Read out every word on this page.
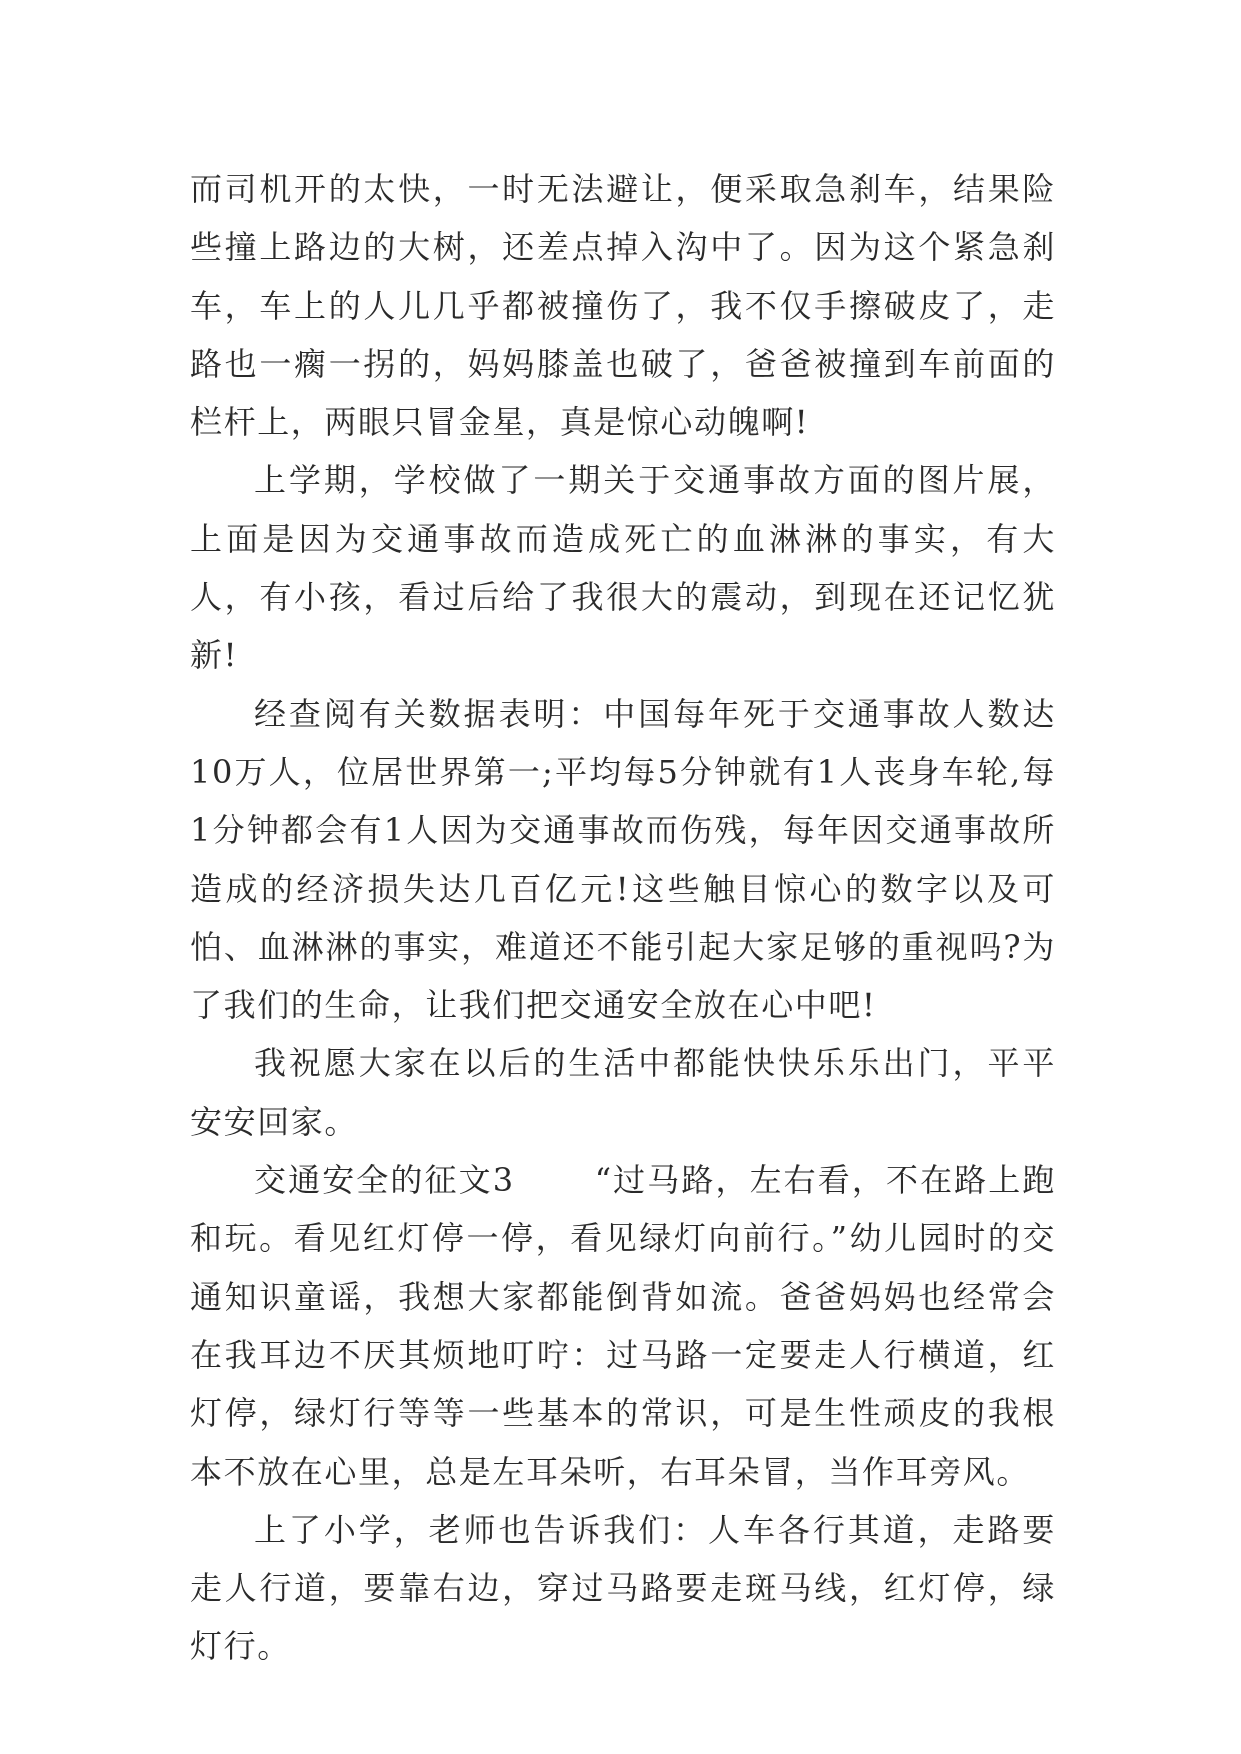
而司机开的太快，一时无法避让，便采取急刹车，结果险些撞上路边的大树，还差点掉入沟中了。因为这个紧急刹车，车上的人儿几乎都被撞伤了，我不仅手擦破皮了，走路也一瘸一拐的，妈妈膝盖也破了，爸爸被撞到车前面的栏杆上，两眼只冒金星，真是惊心动魄啊!

上学期，学校做了一期关于交通事故方面的图片展，上面是因为交通事故而造成死亡的血淋淋的事实，有大人，有小孩，看过后给了我很大的震动，到现在还记忆犹新!

经查阅有关数据表明：中国每年死于交通事故人数达10万人，位居世界第一;平均每5分钟就有1人丧身车轮,每1分钟都会有1人因为交通事故而伤残，每年因交通事故所造成的经济损失达几百亿元!这些触目惊心的数字以及可怕、血淋淋的事实，难道还不能引起大家足够的重视吗?为了我们的生命，让我们把交通安全放在心中吧!

我祝愿大家在以后的生活中都能快快乐乐出门，平平安安回家。

交通安全的征文3	“过马路，左右看，不在路上跑和玩。看见红灯停一停，看见绿灯向前行。”幼儿园时的交通知识童谣，我想大家都能倒背如流。爸爸妈妈也经常会在我耳边不厌其烦地叮咛：过马路一定要走人行横道，红灯停，绿灯行等等一些基本的常识，可是生性顽皮的我根本不放在心里，总是左耳朵听，右耳朵冒，当作耳旁风。

上了小学，老师也告诉我们：人车各行其道，走路要走人行道，要靠右边，穿过马路要走斑马线，红灯停，绿灯行。
